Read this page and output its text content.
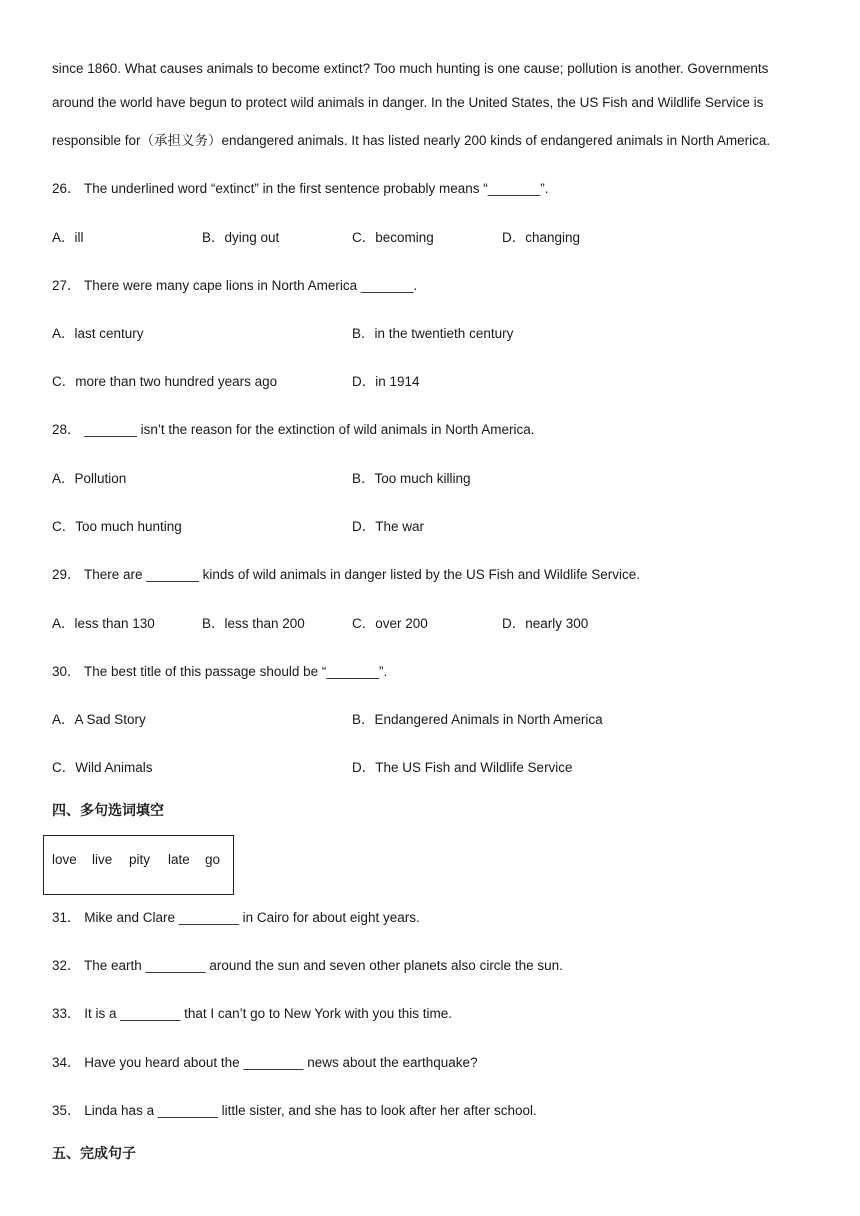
since 1860. What causes animals to become extinct? Too much hunting is one cause; pollution is another. Governments
around the world have begun to protect wild animals in danger. In the United States, the US Fish and Wildlife Service is
responsible for（承担义务）endangered animals. It has listed nearly 200 kinds of endangered animals in North America.
26． The underlined word “extinct” in the first sentence probably means “_______”.
A．ill	B．dying out	C．becoming	D．changing
27． There were many cape lions in North America _______.
A．last century	B．in the twentieth century
C．more than two hundred years ago	D．in 1914
28． _______ isn’t the reason for the extinction of wild animals in North America.
A．Pollution	B．Too much killing
C．Too much hunting	D．The war
29． There are _______ kinds of wild animals in danger listed by the US Fish and Wildlife Service.
A．less than 130	B．less than 200	C．over 200	D．nearly 300
30． The best title of this passage should be “_______”.
A．A Sad Story	B．Endangered Animals in North America
C．Wild Animals	D．The US Fish and Wildlife Service
四、多句选词填空
love live pity late go
31． Mike and Clare ________ in Cairo for about eight years.
32． The earth ________ around the sun and seven other planets also circle the sun.
33． It is a ________ that I can’t go to New York with you this time.
34． Have you heard about the ________ news about the earthquake?
35． Linda has a ________ little sister, and she has to look after her after school.
五、完成句子
